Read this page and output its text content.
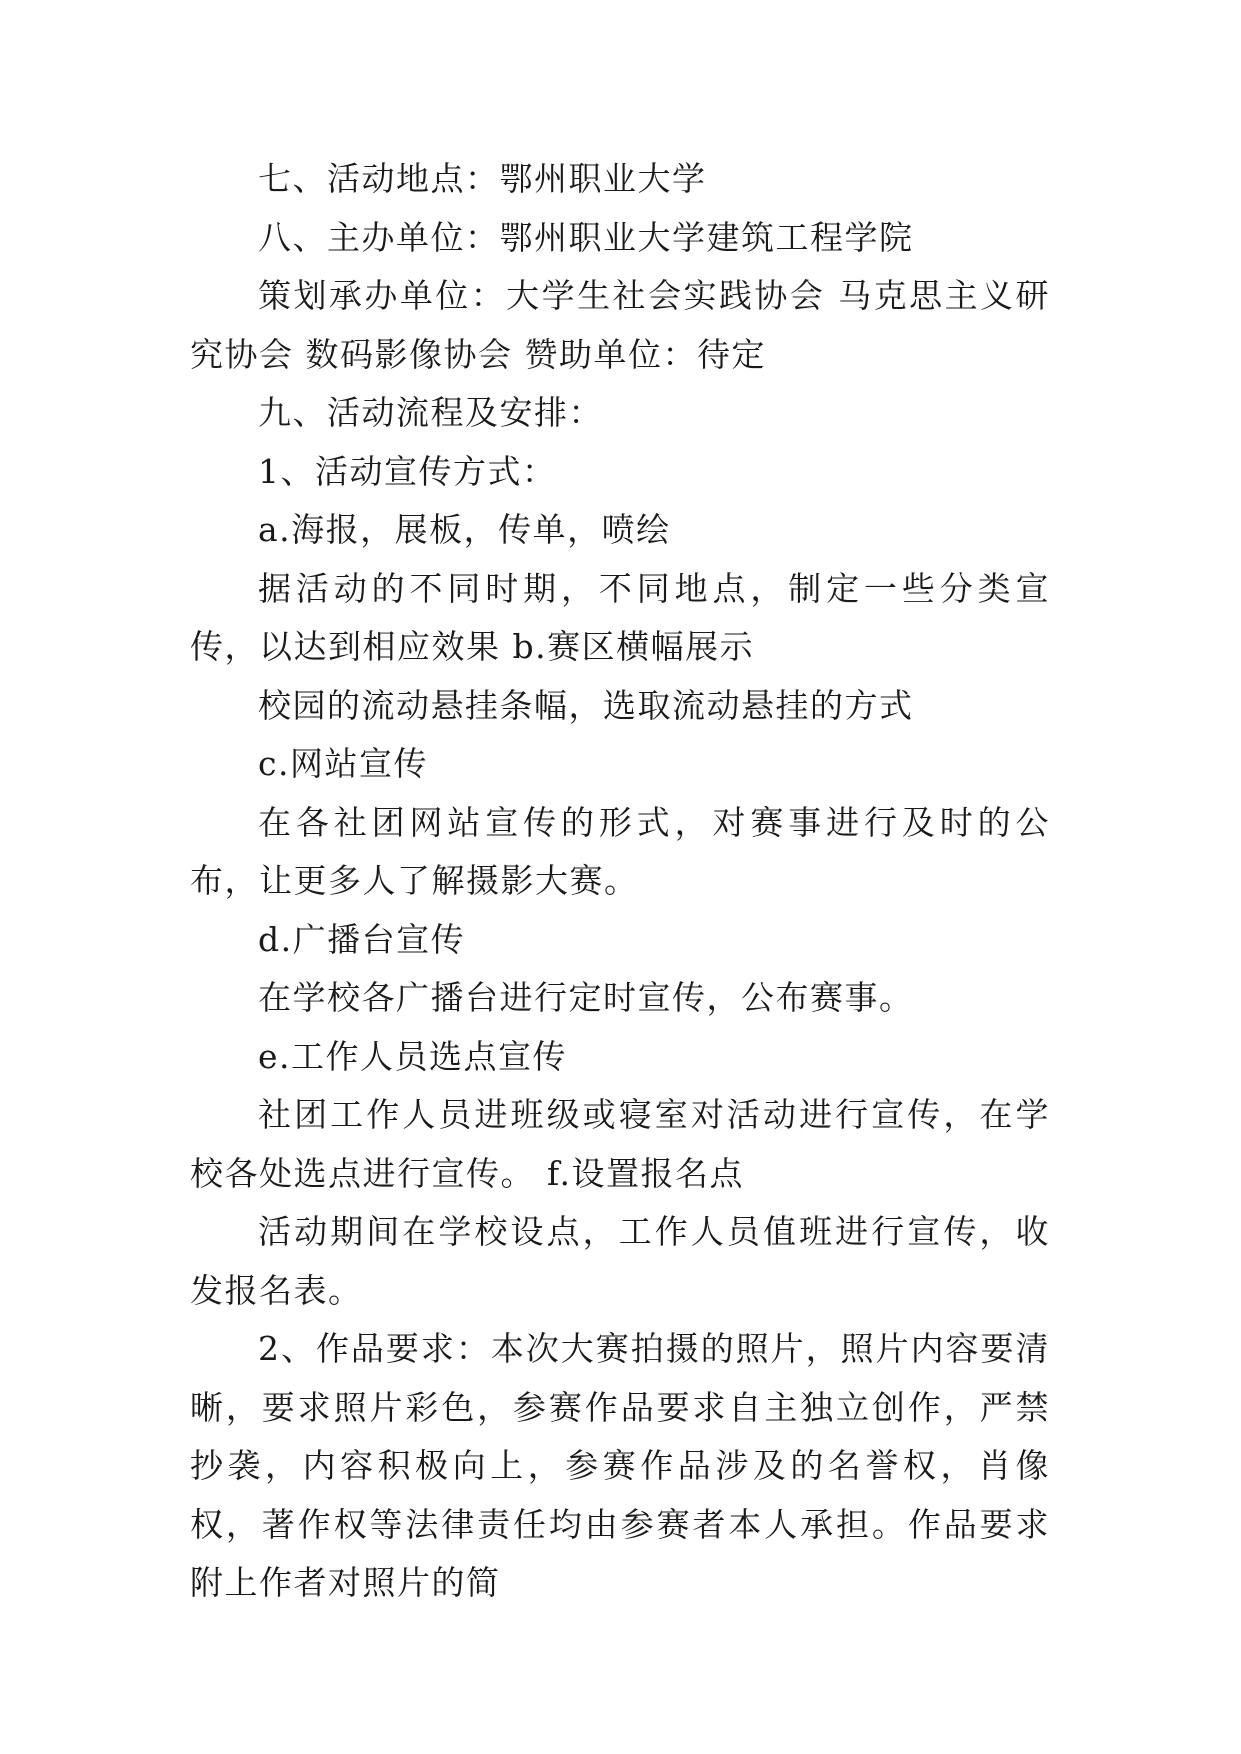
七、活动地点：鄂州职业大学

八、主办单位：鄂州职业大学建筑工程学院

策划承办单位：大学生社会实践协会 马克思主义研究协会 数码影像协会 赞助单位：待定

九、活动流程及安排：

1、活动宣传方式：

a.海报，展板，传单，喷绘

据活动的不同时期，不同地点，制定一些分类宣传，以达到相应效果 b.赛区横幅展示

校园的流动悬挂条幅，选取流动悬挂的方式

c.网站宣传

在各社团网站宣传的形式，对赛事进行及时的公布，让更多人了解摄影大赛。

d.广播台宣传

在学校各广播台进行定时宣传，公布赛事。

e.工作人员选点宣传

社团工作人员进班级或寝室对活动进行宣传，在学校各处选点进行宣传。 f.设置报名点

活动期间在学校设点，工作人员值班进行宣传，收发报名表。

2、作品要求：本次大赛拍摄的照片，照片内容要清晰，要求照片彩色，参赛作品要求自主独立创作，严禁抄袭，内容积极向上，参赛作品涉及的名誉权，肖像权，著作权等法律责任均由参赛者本人承担。作品要求附上作者对照片的简
